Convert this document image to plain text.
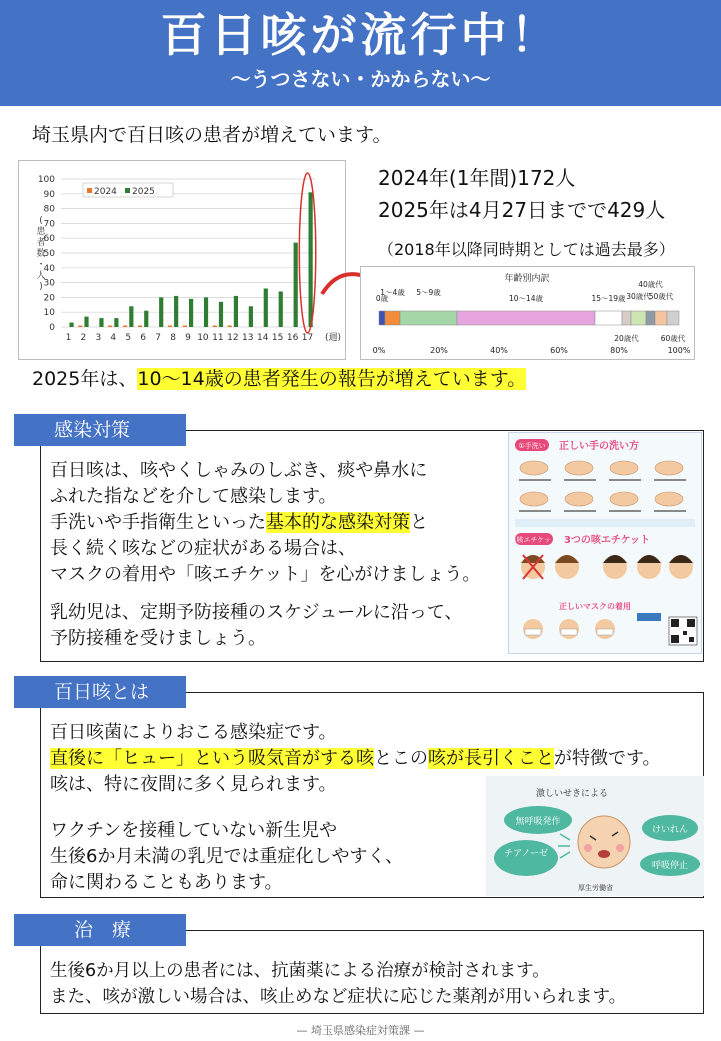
百日咳が流行中！
〜うつさない・かからない〜
埼玉県内で百日咳の患者が増えています。
0
10
20
30
40
50
60
70
80
90
100
1 2 3 4 5 6 7 8 9 10 11 12 13 14 15 16 17 (週)
(
患
者
数
・
人
)
2024 2025
2024年(1年間)172人
2025年は4月27日までで429人
（2018年以降同時期としては過去最多）
年齢別内訳
0歳
1〜4歳 5〜9歳
10〜14歳	15〜19歳
20歳代
30歳代
40歳代
50歳代
60歳代
0%	20%	40%	60%	80%	100%
2025年は、10〜14歳の患者発生の報告が増えています。
感染対策
百日咳は、咳やくしゃみのしぶき、痰や鼻水に
ふれた指などを介して感染します。
手洗いや手指衛生といった基本的な感染対策と
長く続く咳などの症状がある場合は、
マスクの着用や「咳エチケット」を心がけましょう。
乳幼児は、定期予防接種のスケジュールに沿って、
予防接種を受けましょう。
①手洗い 正しい手の洗い方
②咳エチケット 3つの咳エチケット
正しいマスクの着用
百日咳とは
百日咳菌によりおこる感染症です。
直後に「ヒュー」という吸気音がする咳とこの咳が長引くことが特徴です。
咳は、特に夜間に多く見られます。
ワクチンを接種していない新生児や
生後6か月未満の乳児では重症化しやすく、
命に関わることもあります。
激しいせきによる
無呼吸発作
チアノーゼ
けいれん
呼吸停止
厚生労働省
治　療
生後6か月以上の患者には、抗菌薬による治療が検討されます。
また、咳が激しい場合は、咳止めなど症状に応じた薬剤が用いられます。
— 埼玉県感染症対策課 —
